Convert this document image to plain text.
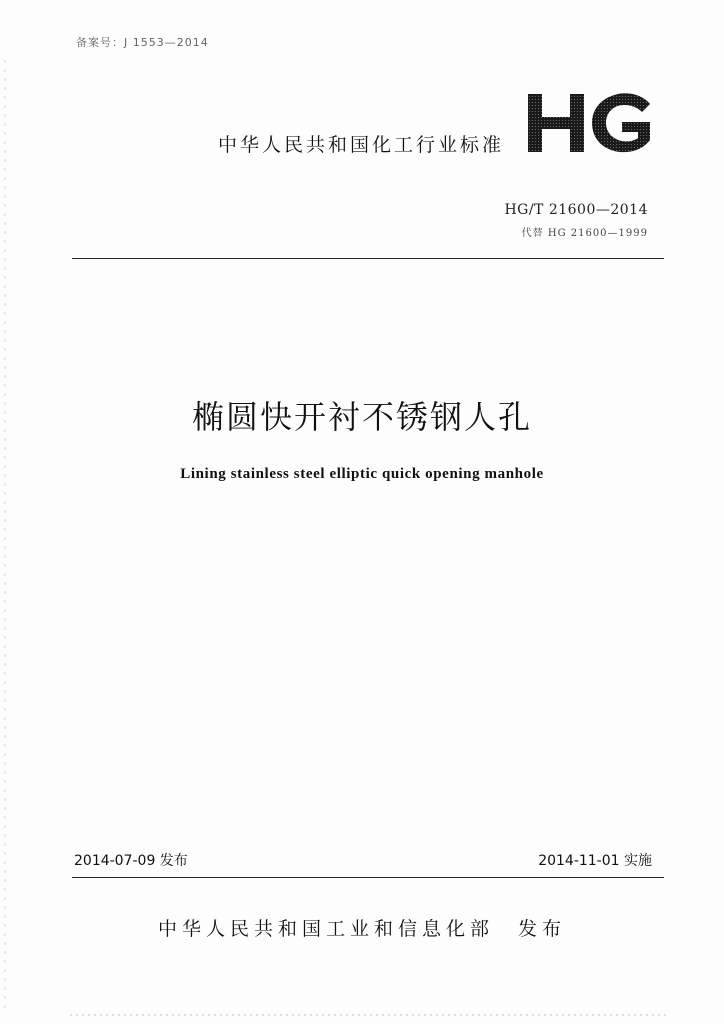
备案号：J 1553—2014
中华人民共和国化工行业标准
HG/T 21600—2014
代替 HG 21600—1999
椭圆快开衬不锈钢人孔
Lining stainless steel elliptic quick opening manhole
2014-07-09 发布	2014-11-01 实施
中华人民共和国工业和信息化部　发布
